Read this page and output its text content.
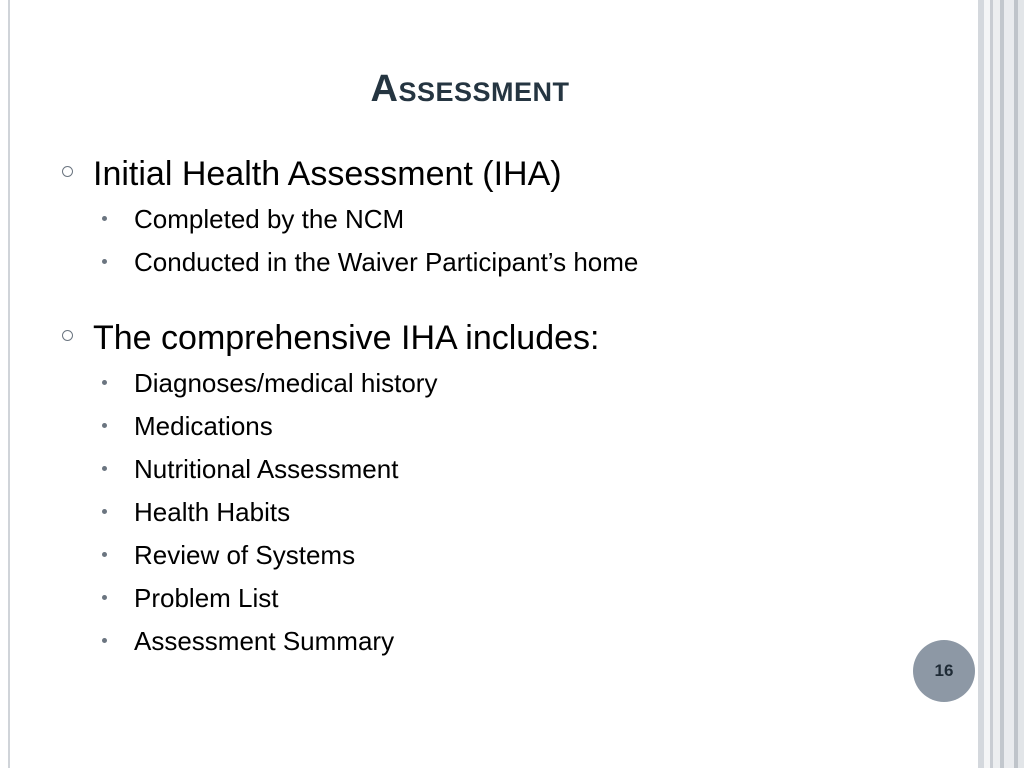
Assessment
Initial Health Assessment (IHA)
Completed by the NCM
Conducted in the Waiver Participant’s home
The comprehensive IHA includes:
Diagnoses/medical history
Medications
Nutritional Assessment
Health Habits
Review of Systems
Problem List
Assessment Summary
16
